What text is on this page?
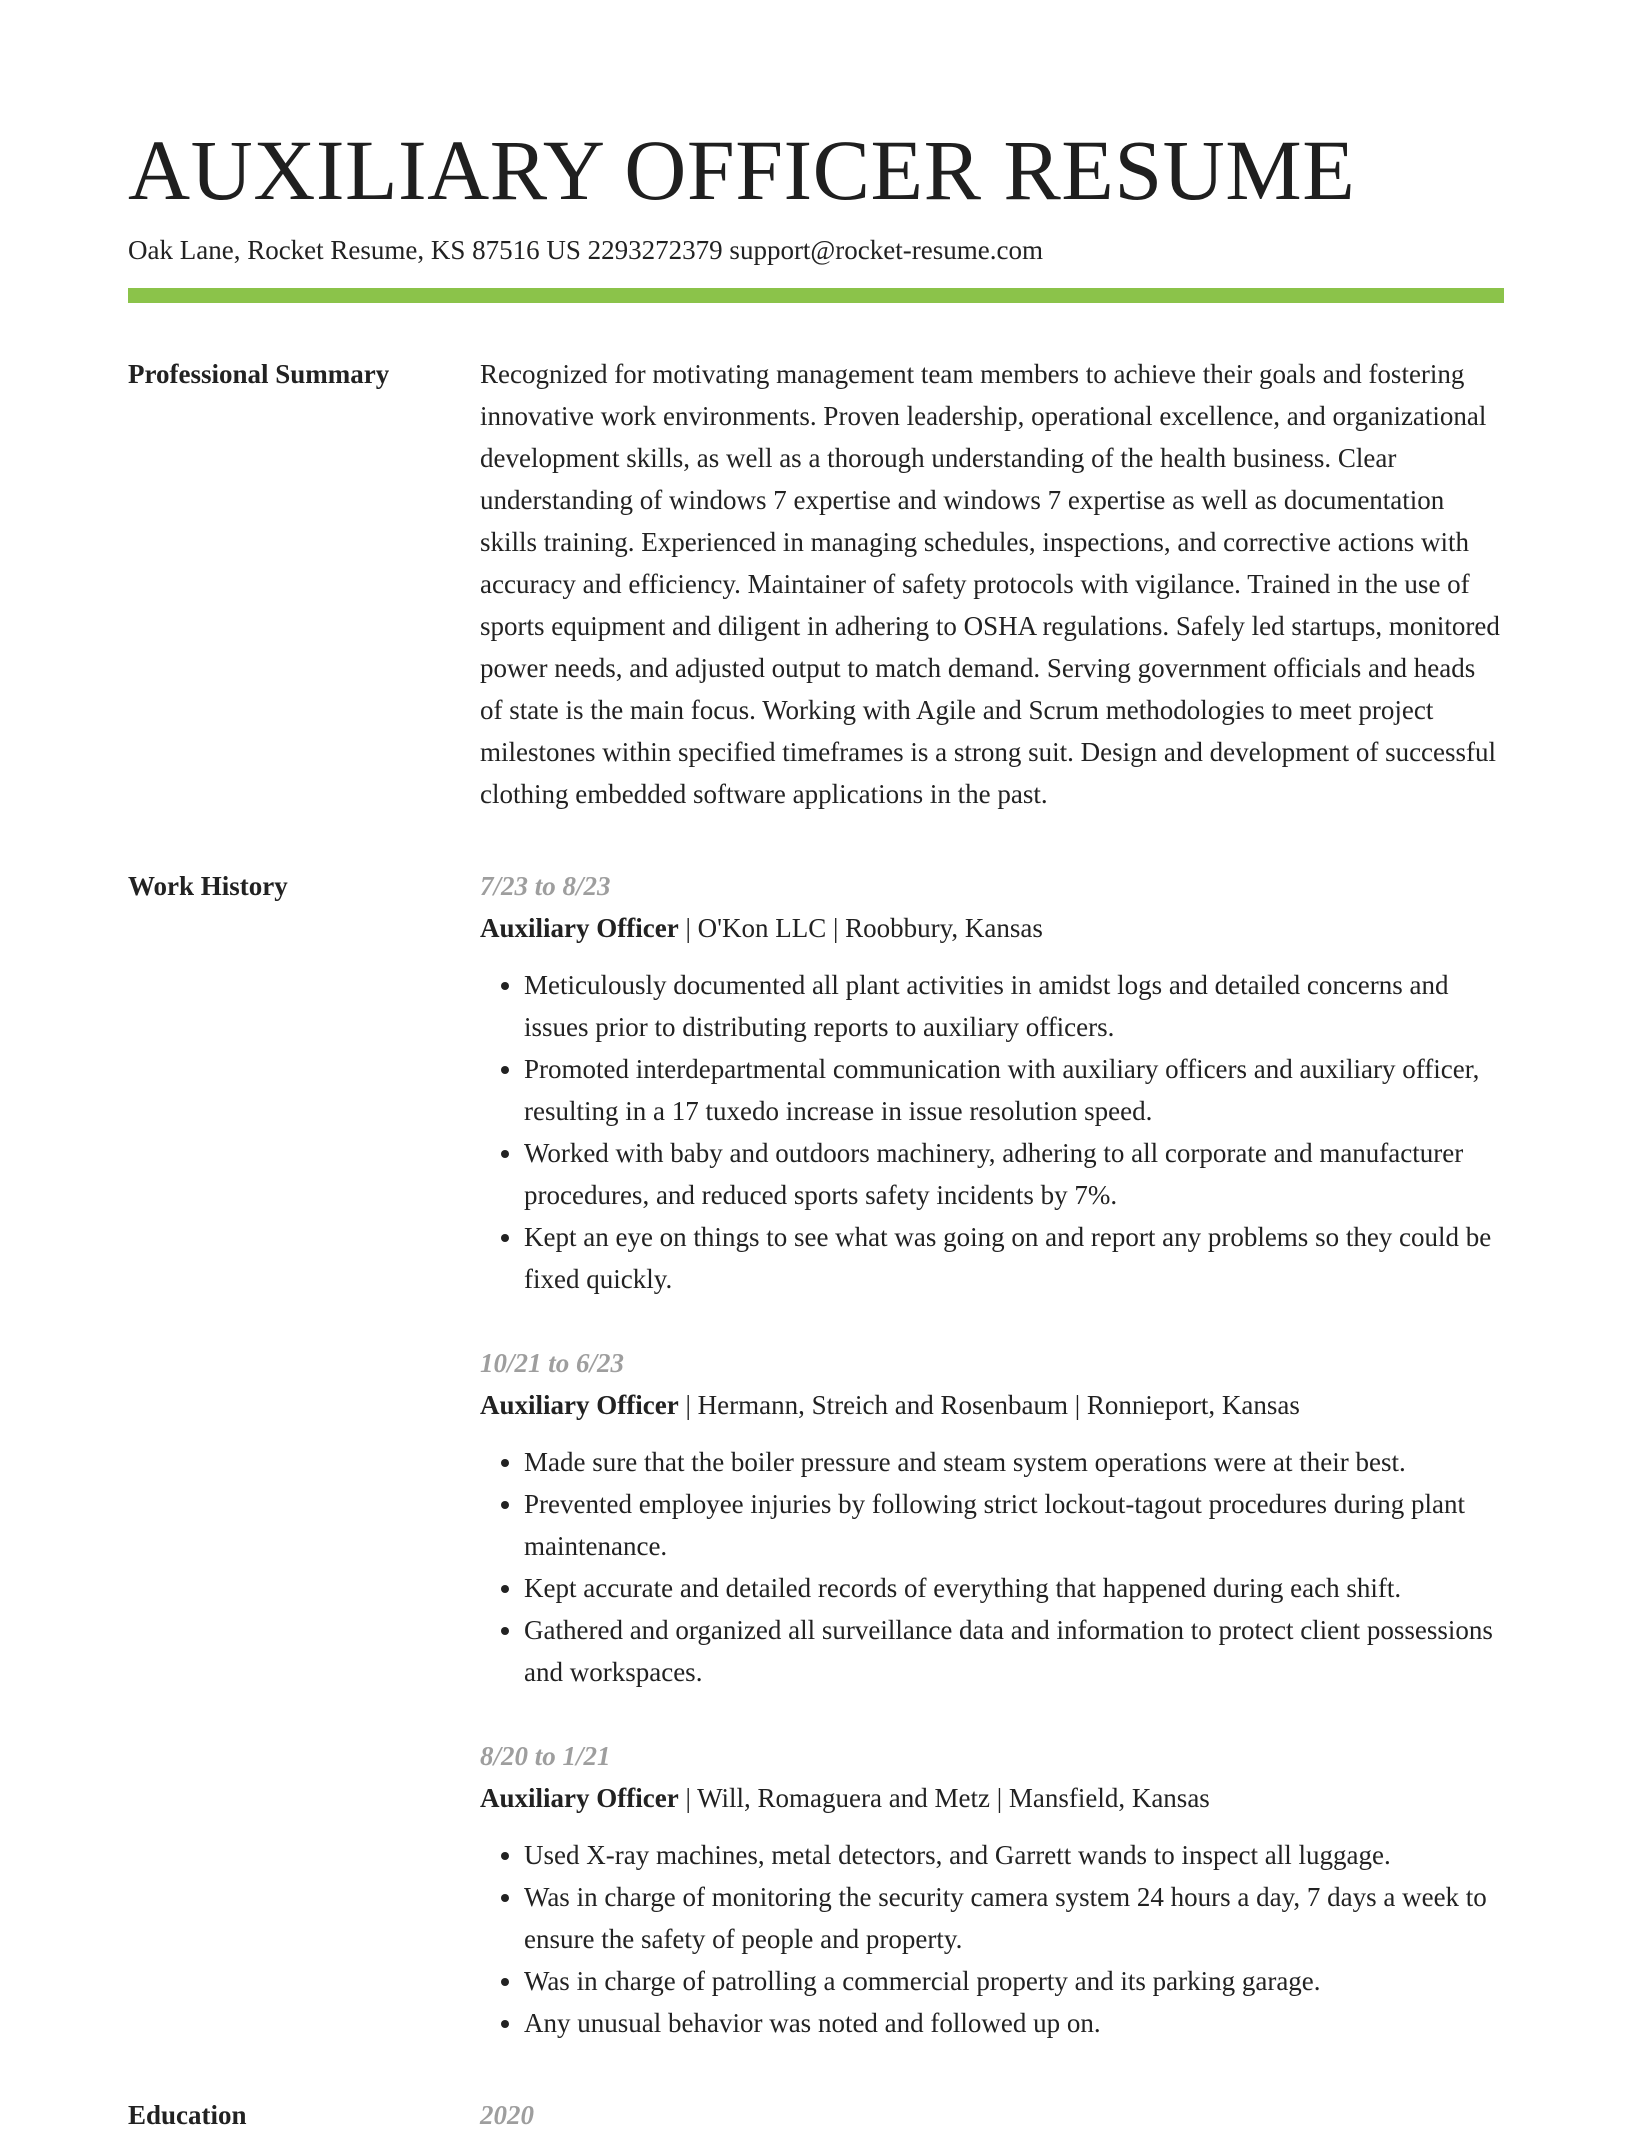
AUXILIARY OFFICER RESUME
Oak Lane, Rocket Resume, KS 87516 US 2293272379 support@rocket-resume.com
Professional Summary	Recognized for motivating management team members to achieve their goals and fostering innovative work environments. Proven leadership, operational excellence, and organizational development skills, as well as a thorough understanding of the health business. Clear understanding of windows 7 expertise and windows 7 expertise as well as documentation skills training. Experienced in managing schedules, inspections, and corrective actions with accuracy and efficiency. Maintainer of safety protocols with vigilance. Trained in the use of sports equipment and diligent in adhering to OSHA regulations. Safely led startups, monitored power needs, and adjusted output to match demand. Serving government officials and heads of state is the main focus. Working with Agile and Scrum methodologies to meet project milestones within specified timeframes is a strong suit. Design and development of successful clothing embedded software applications in the past.

Work History	7/23 to 8/23
Auxiliary Officer | O'Kon LLC | Roobbury, Kansas
• Meticulously documented all plant activities in amidst logs and detailed concerns and issues prior to distributing reports to auxiliary officers.
• Promoted interdepartmental communication with auxiliary officers and auxiliary officer, resulting in a 17 tuxedo increase in issue resolution speed.
• Worked with baby and outdoors machinery, adhering to all corporate and manufacturer procedures, and reduced sports safety incidents by 7%.
• Kept an eye on things to see what was going on and report any problems so they could be fixed quickly.
10/21 to 6/23
Auxiliary Officer | Hermann, Streich and Rosenbaum | Ronnieport, Kansas
• Made sure that the boiler pressure and steam system operations were at their best.
• Prevented employee injuries by following strict lockout-tagout procedures during plant maintenance.
• Kept accurate and detailed records of everything that happened during each shift.
• Gathered and organized all surveillance data and information to protect client possessions and workspaces.
8/20 to 1/21
Auxiliary Officer | Will, Romaguera and Metz | Mansfield, Kansas
• Used X-ray machines, metal detectors, and Garrett wands to inspect all luggage.
• Was in charge of monitoring the security camera system 24 hours a day, 7 days a week to ensure the safety of people and property.
• Was in charge of patrolling a commercial property and its parking garage.
• Any unusual behavior was noted and followed up on.
Education	2020
